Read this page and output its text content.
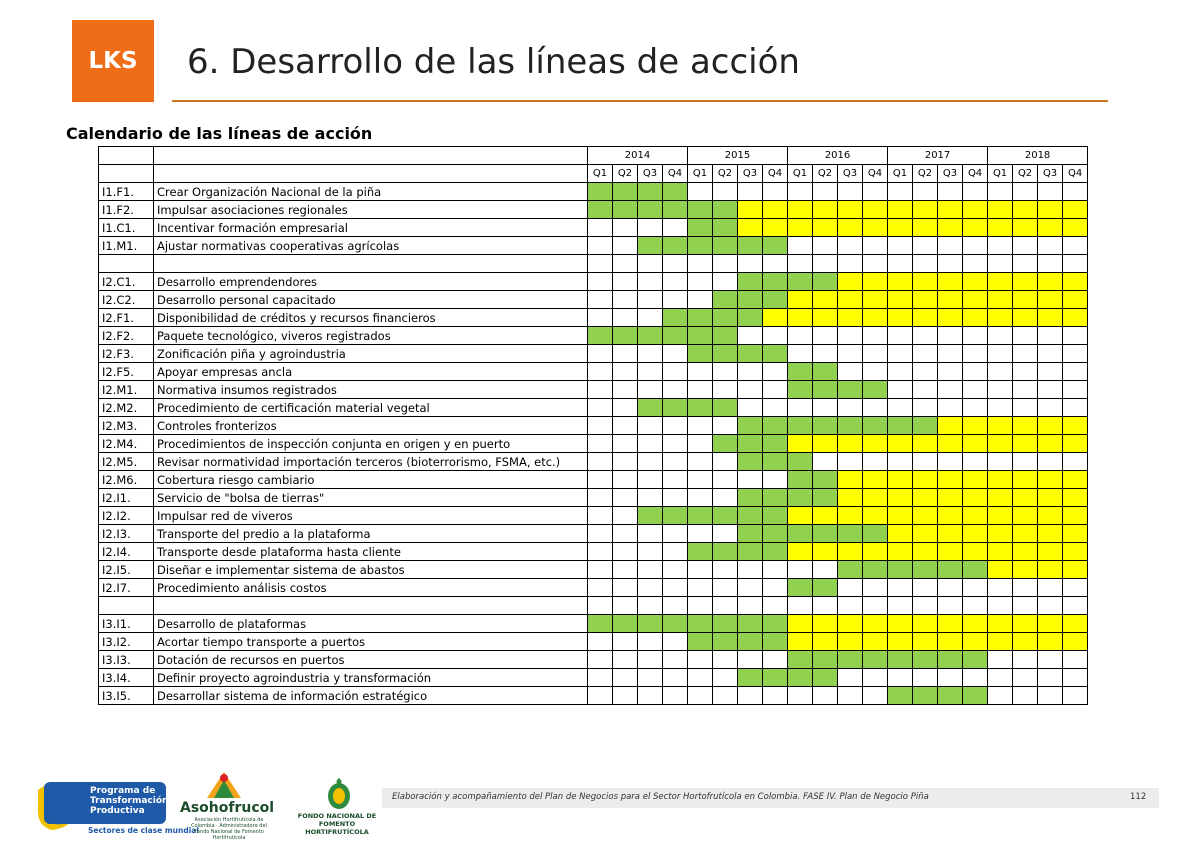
LKS 6. Desarrollo de las líneas de acción
Calendario de las líneas de acción
		2014				2015				2016				2017				2018			
		Q1	Q2	Q3	Q4	Q1	Q2	Q3	Q4	Q1	Q2	Q3	Q4	Q1	Q2	Q3	Q4	Q1	Q2	Q3	Q4
I1.F1.	Crear Organización Nacional de la piña																				
I1.F2.	Impulsar asociaciones regionales																				
I1.C1.	Incentivar formación empresarial																				
I1.M1.	Ajustar normativas cooperativas agrícolas																				

I2.C1.	Desarrollo emprendendores																				
I2.C2.	Desarrollo personal capacitado																				
I2.F1.	Disponibilidad de créditos y recursos financieros																				
I2.F2.	Paquete tecnológico, viveros registrados																				
I2.F3.	Zonificación piña y agroindustria																				
I2.F5.	Apoyar empresas ancla																				
I2.M1.	Normativa insumos registrados																				
I2.M2.	Procedimiento de certificación material vegetal																				
I2.M3.	Controles fronterizos																				
I2.M4.	Procedimientos de inspección conjunta en origen y en puerto																				
I2.M5.	Revisar normatividad importación terceros (bioterrorismo, FSMA, etc.)																				
I2.M6.	Cobertura riesgo cambiario																				
I2.I1.	Servicio de "bolsa de tierras"																				
I2.I2.	Impulsar red de viveros																				
I2.I3.	Transporte del predio a la plataforma																				
I2.I4.	Transporte desde plataforma hasta cliente																				
I2.I5.	Diseñar e implementar sistema de abastos																				
I2.I7.	Procedimiento análisis costos																				

I3.I1.	Desarrollo de plataformas																				
I3.I2.	Acortar tiempo transporte a puertos																				
I3.I3.	Dotación de recursos en puertos																				
I3.I4.	Definir proyecto agroindustria y transformación																				
I3.I5.	Desarrollar sistema de información estratégico																				
Programa de Transformación Productiva
Sectores de clase mundial
Asohofrucol
Asociación Hortifrutícola de Colombia · Administradora del Fondo Nacional de Fomento Hortifrutícola
FONDO NACIONAL DE FOMENTO HORTIFRUTÍCOLA
Elaboración y acompañamiento del Plan de Negocios para el Sector Hortofrutícola en Colombia. FASE IV. Plan de Negocio Piña	112
